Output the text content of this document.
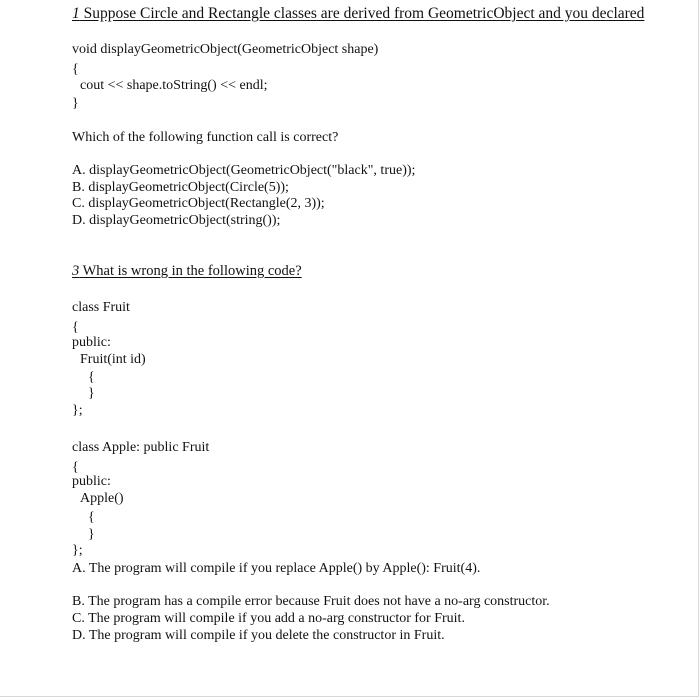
1 Suppose Circle and Rectangle classes are derived from GeometricObject and you declared
void displayGeometricObject(GeometricObject shape)
{
cout << shape.toString() << endl;
}
Which of the following function call is correct?
A. displayGeometricObject(GeometricObject("black", true));
B. displayGeometricObject(Circle(5));
C. displayGeometricObject(Rectangle(2, 3));
D. displayGeometricObject(string());
3 What is wrong in the following code?
class Fruit
{
public:
Fruit(int id)
{
}
};
class Apple: public Fruit
{
public:
Apple()
{
}
};
A. The program will compile if you replace Apple() by Apple(): Fruit(4).
B. The program has a compile error because Fruit does not have a no-arg constructor.
C. The program will compile if you add a no-arg constructor for Fruit.
D. The program will compile if you delete the constructor in Fruit.
